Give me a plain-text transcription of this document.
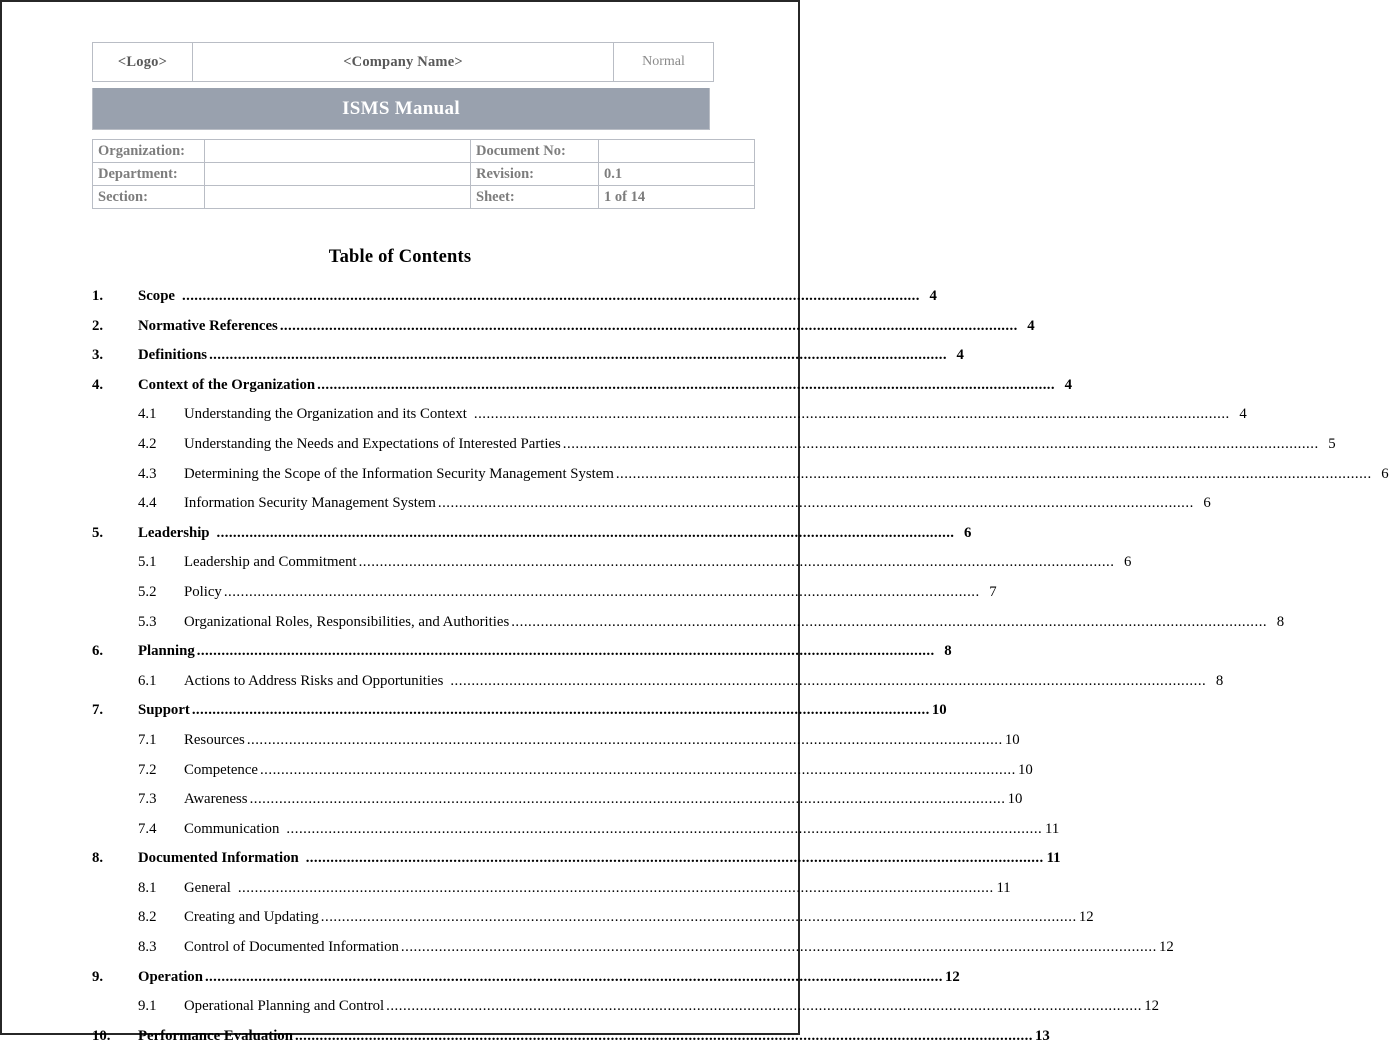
<Logo>	<Company Name>	Normal
ISMS Manual
Organization:		Document No:	
Department:		Revision:	0.1
Section:		Sheet:	1 of 14
Table of Contents
1.	Scope .....	4
2.	Normative References .....	4
3.	Definitions .....	4
4.	Context of the Organization .....	4
4.1	Understanding the Organization and its Context .....	4
4.2	Understanding the Needs and Expectations of Interested Parties .....	5
4.3	Determining the Scope of the Information Security Management System .....	6
4.4	Information Security Management System .....	6
5.	Leadership .....	6
5.1	Leadership and Commitment .....	6
5.2	Policy .....	7
5.3	Organizational Roles, Responsibilities, and Authorities .....	8
6.	Planning .....	8
6.1	Actions to Address Risks and Opportunities .....	8
7.	Support .....	10
7.1	Resources .....	10
7.2	Competence .....	10
7.3	Awareness .....	10
7.4	Communication .....	11
8.	Documented Information .....	11
8.1	General .....	11
8.2	Creating and Updating .....	12
8.3	Control of Documented Information .....	12
9.	Operation .....	12
9.1	Operational Planning and Control .....	12
10.	Performance Evaluation .....	13
